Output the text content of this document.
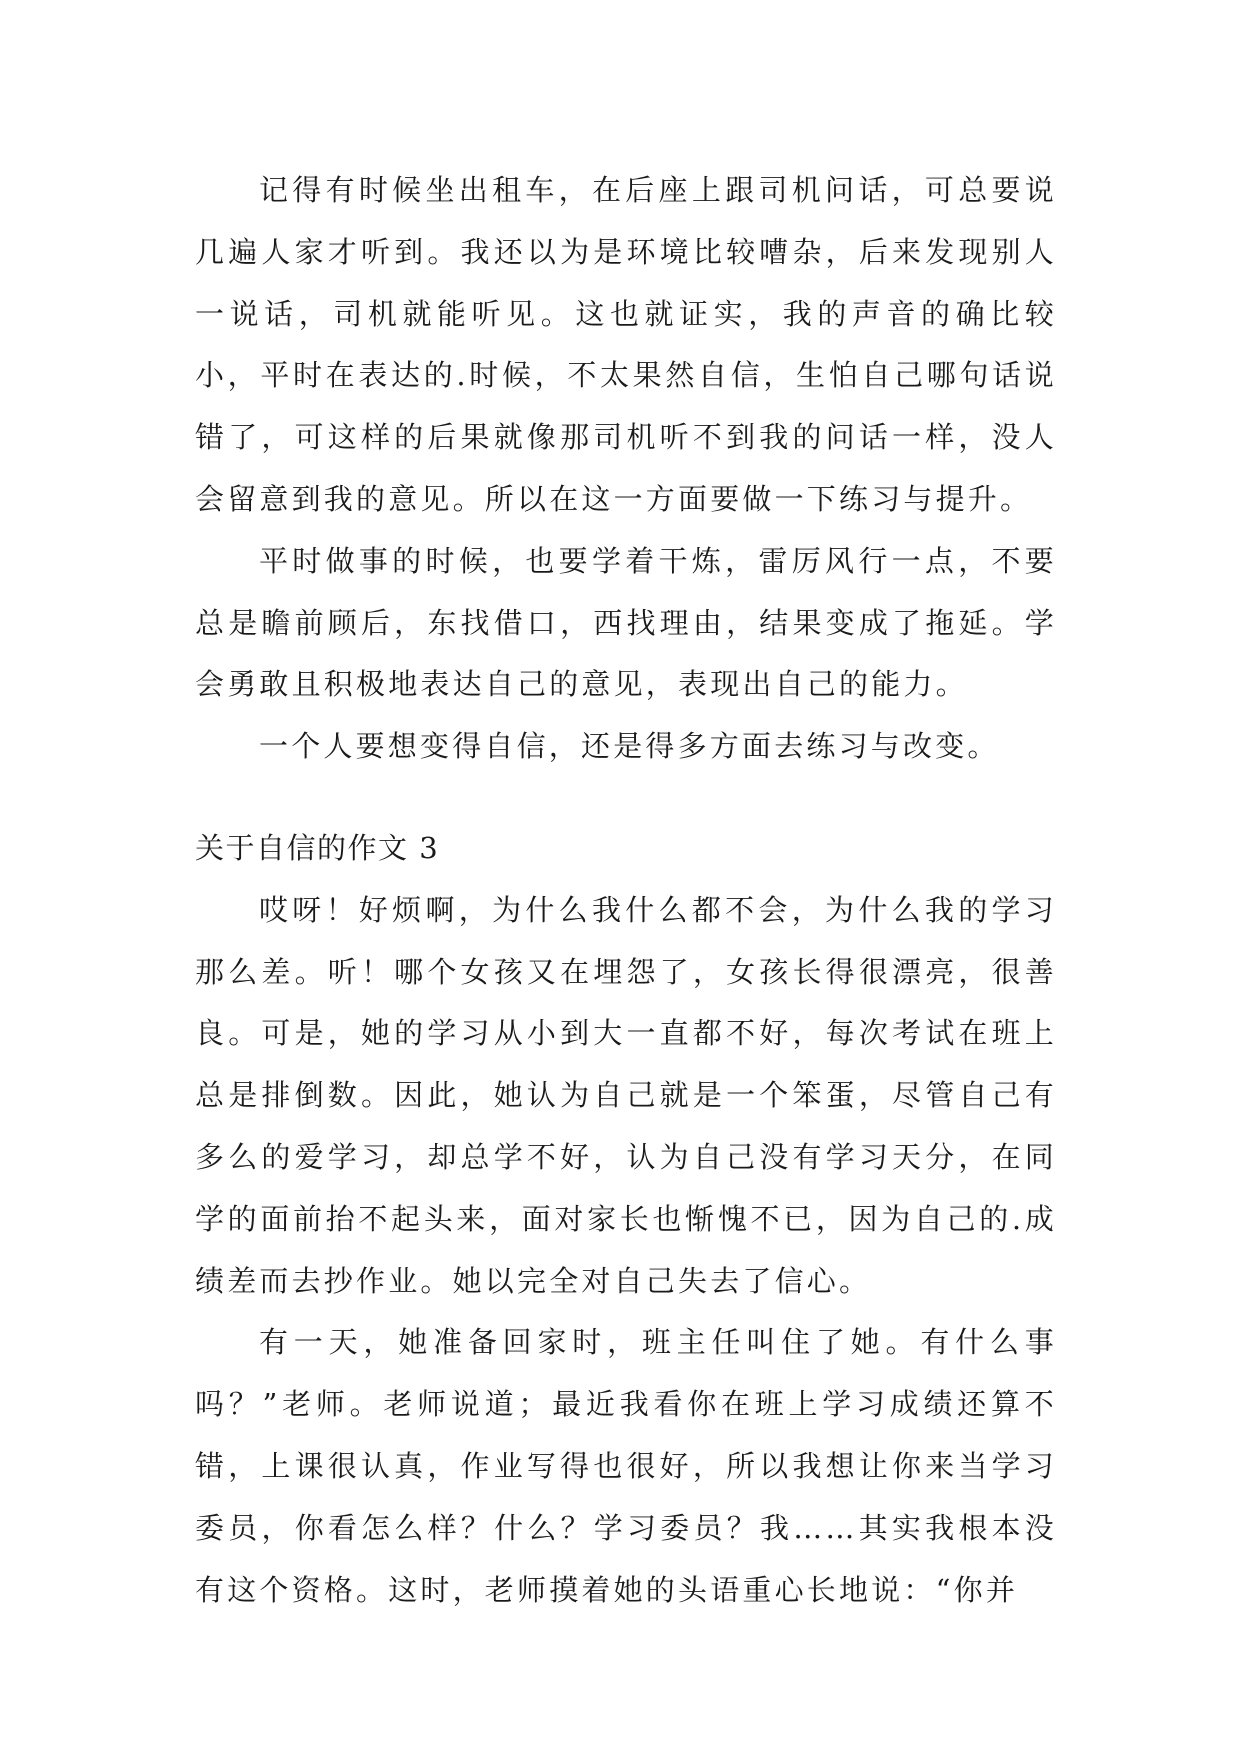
记得有时候坐出租车，在后座上跟司机问话，可总要说几遍人家才听到。我还以为是环境比较嘈杂，后来发现别人一说话，司机就能听见。这也就证实，我的声音的确比较小，平时在表达的.时候，不太果然自信，生怕自己哪句话说错了，可这样的后果就像那司机听不到我的问话一样，没人会留意到我的意见。所以在这一方面要做一下练习与提升。

平时做事的时候，也要学着干炼，雷厉风行一点，不要总是瞻前顾后，东找借口，西找理由，结果变成了拖延。学会勇敢且积极地表达自己的意见，表现出自己的能力。

一个人要想变得自信，还是得多方面去练习与改变。

关于自信的作文 3

哎呀！好烦啊，为什么我什么都不会，为什么我的学习那么差。听！哪个女孩又在埋怨了，女孩长得很漂亮，很善良。可是，她的学习从小到大一直都不好，每次考试在班上总是排倒数。因此，她认为自己就是一个笨蛋，尽管自己有多么的爱学习，却总学不好，认为自己没有学习天分，在同学的面前抬不起头来，面对家长也惭愧不已，因为自己的.成绩差而去抄作业。她以完全对自己失去了信心。

有一天，她准备回家时，班主任叫住了她。有什么事吗？”老师。老师说道；最近我看你在班上学习成绩还算不错，上课很认真，作业写得也很好，所以我想让你来当学习委员，你看怎么样？什么？学习委员？我……其实我根本没有这个资格。这时，老师摸着她的头语重心长地说：“你并
